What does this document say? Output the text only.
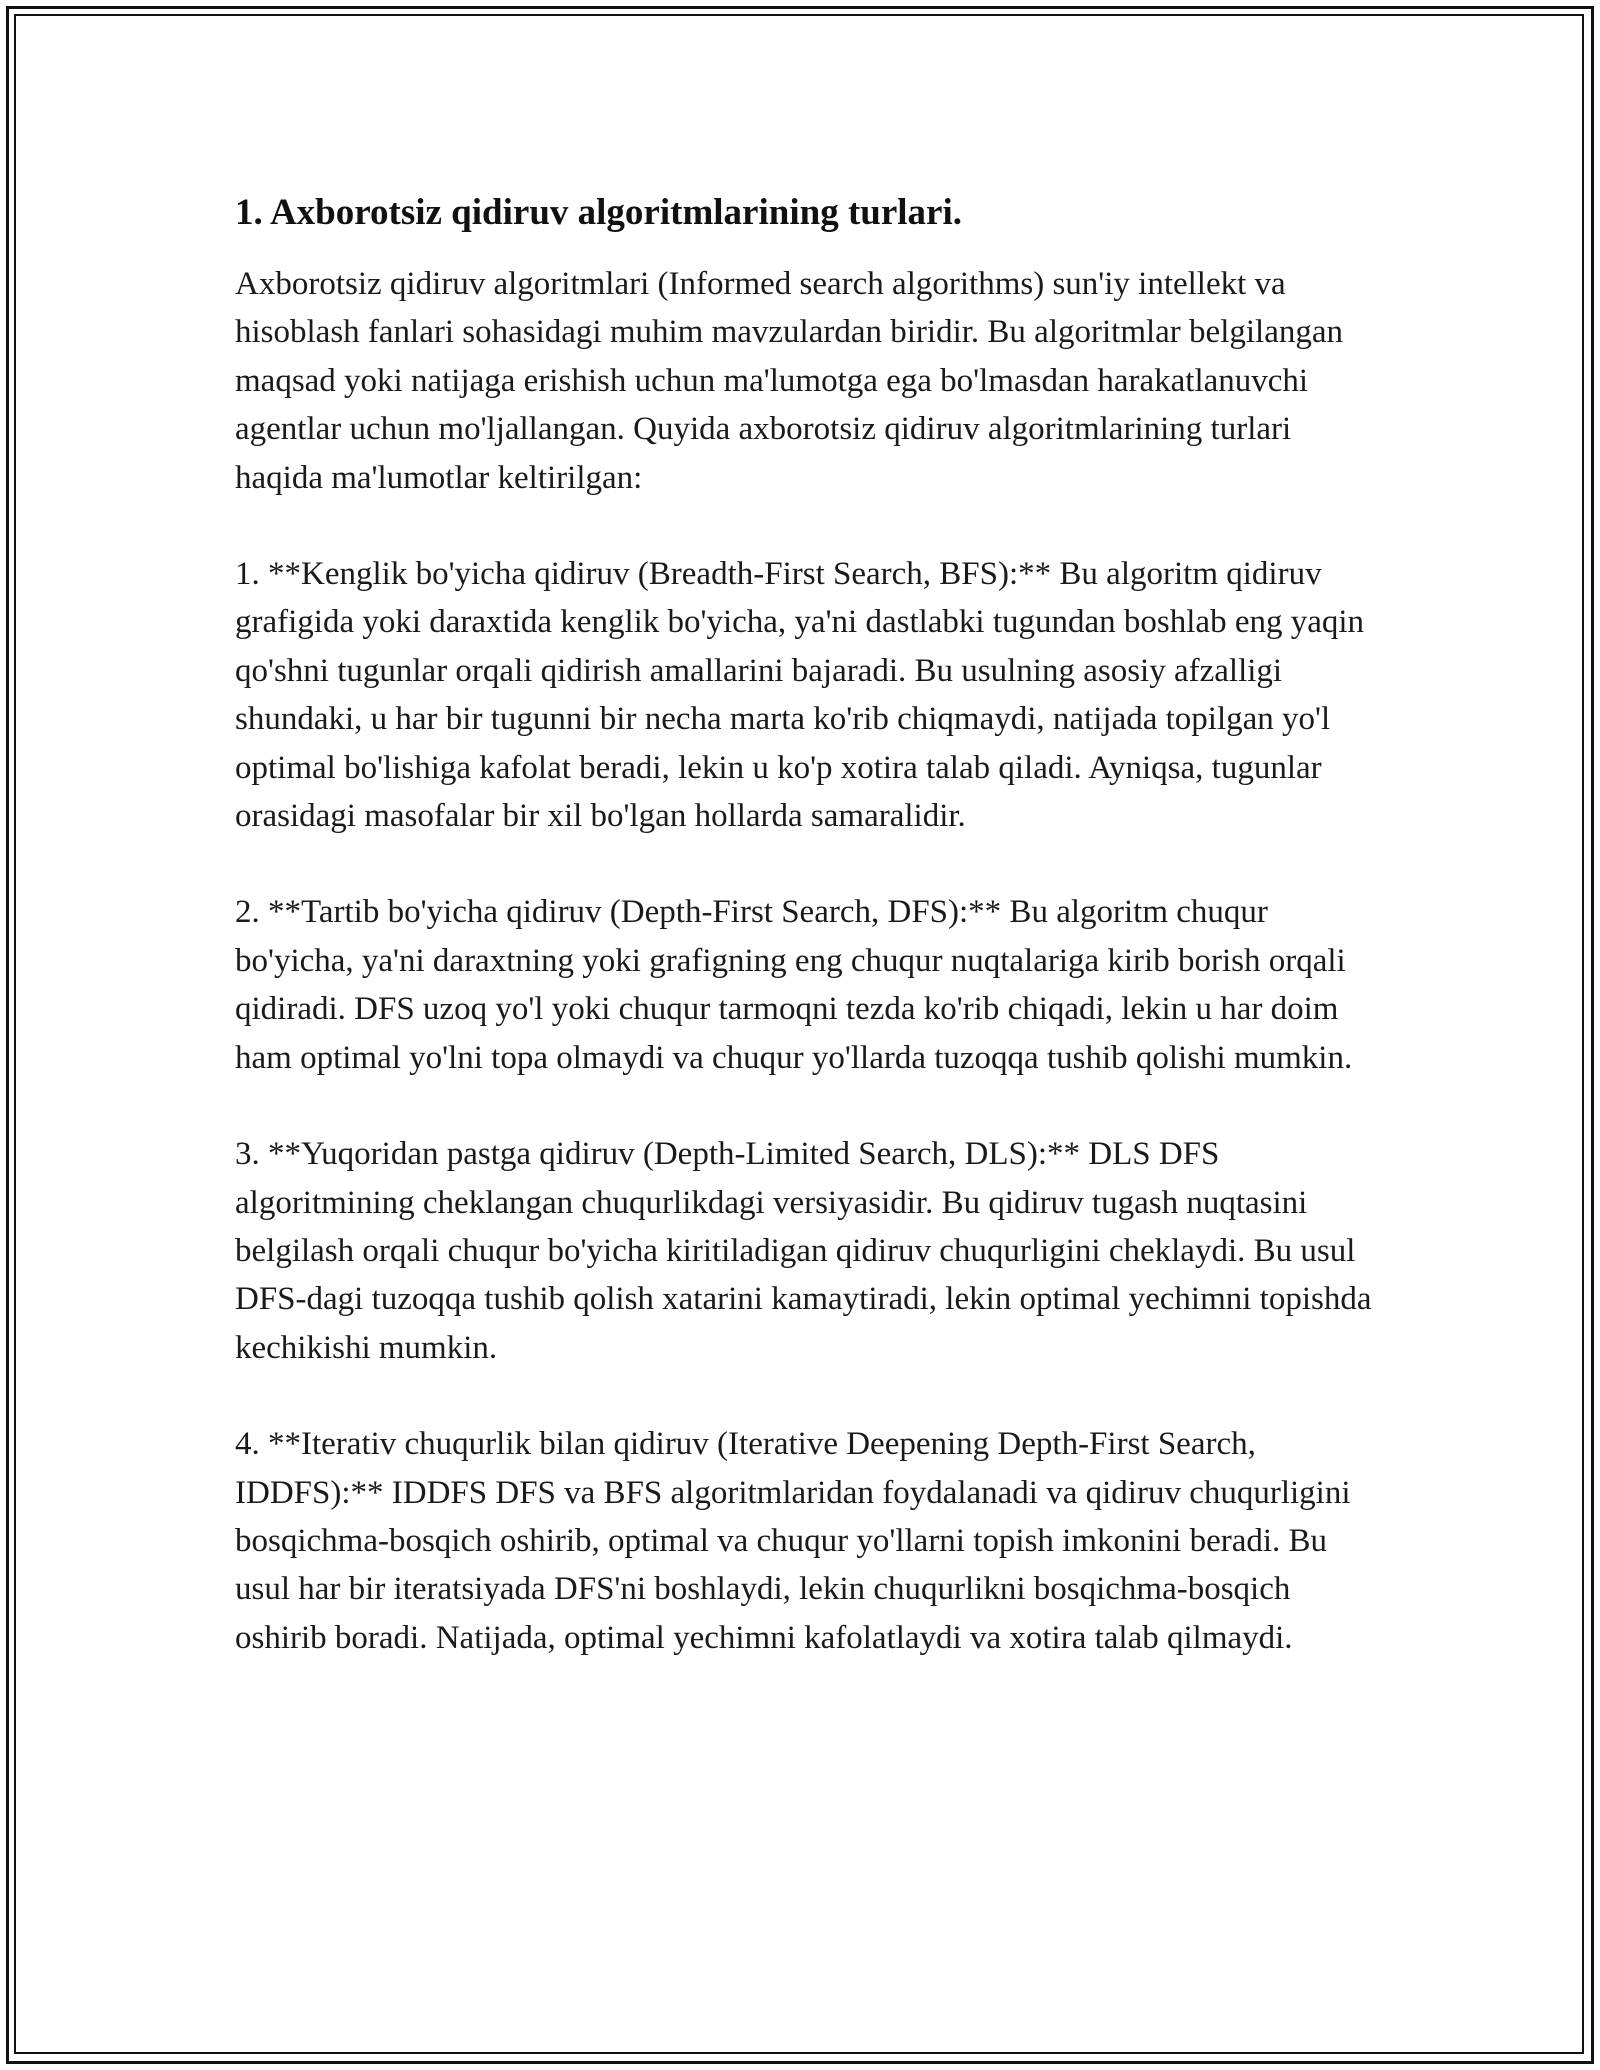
1. Axborotsiz qidiruv algoritmlarining turlari.

Axborotsiz qidiruv algoritmlari (Informed search algorithms) sun'iy intellekt va hisoblash fanlari sohasidagi muhim mavzulardan biridir. Bu algoritmlar belgilangan maqsad yoki natijaga erishish uchun ma'lumotga ega bo'lmasdan harakatlanuvchi agentlar uchun mo'ljallangan. Quyida axborotsiz qidiruv algoritmlarining turlari haqida ma'lumotlar keltirilgan:

1. **Kenglik bo'yicha qidiruv (Breadth-First Search, BFS):** Bu algoritm qidiruv grafigida yoki daraxtida kenglik bo'yicha, ya'ni dastlabki tugundan boshlab eng yaqin qo'shni tugunlar orqali qidirish amallarini bajaradi. Bu usulning asosiy afzalligi shundaki, u har bir tugunni bir necha marta ko'rib chiqmaydi, natijada topilgan yo'l optimal bo'lishiga kafolat beradi, lekin u ko'p xotira talab qiladi. Ayniqsa, tugunlar orasidagi masofalar bir xil bo'lgan hollarda samaralidir.

2. **Tartib bo'yicha qidiruv (Depth-First Search, DFS):** Bu algoritm chuqur bo'yicha, ya'ni daraxtning yoki grafigning eng chuqur nuqtalariga kirib borish orqali qidiradi. DFS uzoq yo'l yoki chuqur tarmoqni tezda ko'rib chiqadi, lekin u har doim ham optimal yo'lni topa olmaydi va chuqur yo'llarda tuzoqqa tushib qolishi mumkin.

3. **Yuqoridan pastga qidiruv (Depth-Limited Search, DLS):** DLS DFS algoritmining cheklangan chuqurlikdagi versiyasidir. Bu qidiruv tugash nuqtasini belgilash orqali chuqur bo'yicha kiritiladigan qidiruv chuqurligini cheklaydi. Bu usul DFS-dagi tuzoqqa tushib qolish xatarini kamaytiradi, lekin optimal yechimni topishda kechikishi mumkin.

4. **Iterativ chuqurlik bilan qidiruv (Iterative Deepening Depth-First Search, IDDFS):** IDDFS DFS va BFS algoritmlaridan foydalanadi va qidiruv chuqurligini bosqichma-bosqich oshirib, optimal va chuqur yo'llarni topish imkonini beradi. Bu usul har bir iteratsiyada DFS'ni boshlaydi, lekin chuqurlikni bosqichma-bosqich oshirib boradi. Natijada, optimal yechimni kafolatlaydi va xotira talab qilmaydi.
